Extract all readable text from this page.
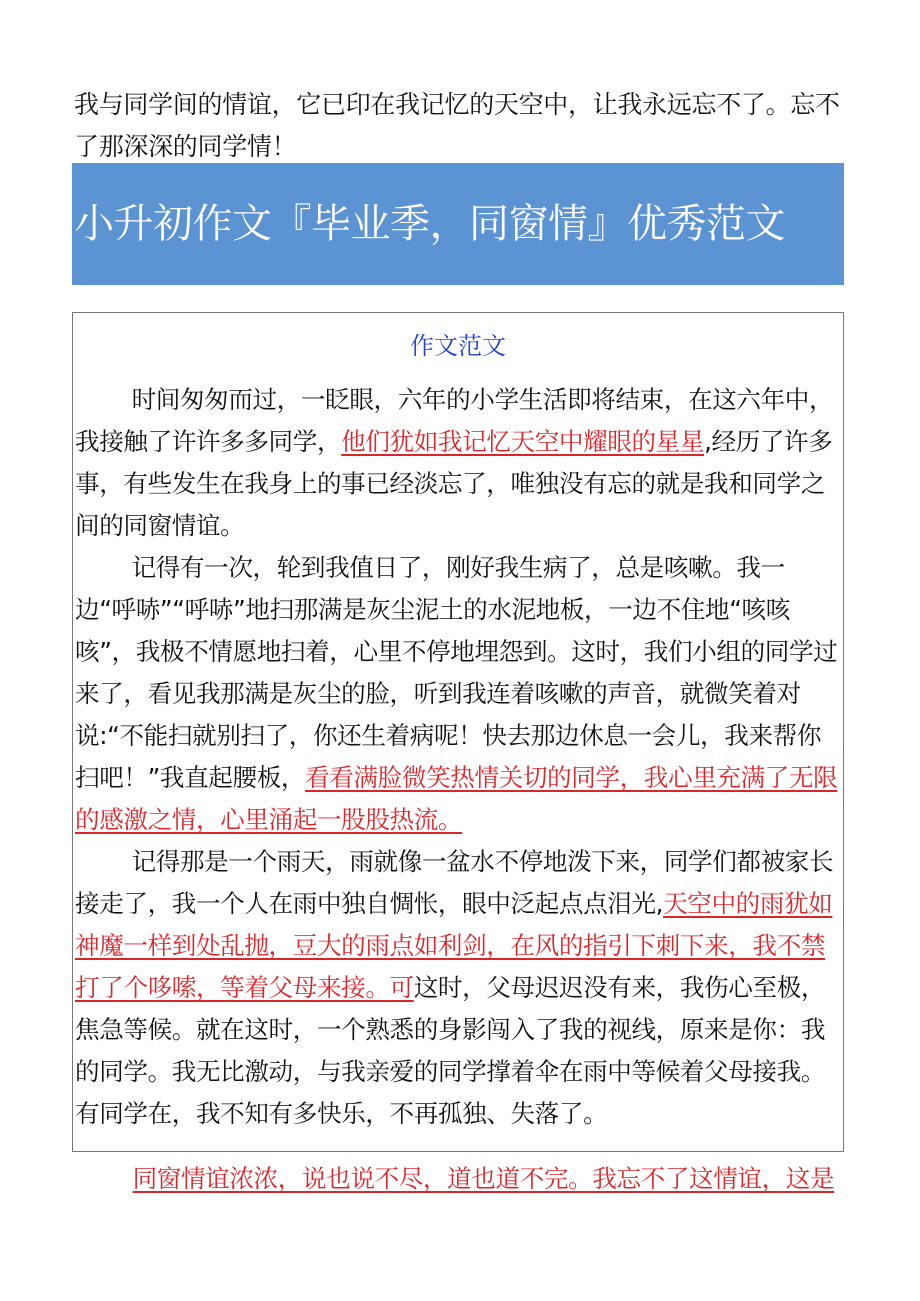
我与同学间的情谊，它已印在我记忆的天空中，让我永远忘不了。忘不了那深深的同学情！
小升初作文『毕业季，同窗情』优秀范文
作文范文

时间匆匆而过，一眨眼，六年的小学生活即将结束，在这六年中，我接触了许许多多同学，他们犹如我记忆天空中耀眼的星星,经历了许多事，有些发生在我身上的事已经淡忘了，唯独没有忘的就是我和同学之间的同窗情谊。

记得有一次，轮到我值日了，刚好我生病了，总是咳嗽。我一边“呼哧”“呼哧”地扫那满是灰尘泥土的水泥地板，一边不住地“咳咳咳”，我极不情愿地扫着，心里不停地埋怨到。这时，我们小组的同学过来了，看见我那满是灰尘的脸，听到我连着咳嗽的声音，就微笑着对说:“不能扫就别扫了，你还生着病呢！快去那边休息一会儿，我来帮你扫吧！”我直起腰板，看看满脸微笑热情关切的同学，我心里充满了无限的感激之情，心里涌起一股股热流。

记得那是一个雨天，雨就像一盆水不停地泼下来，同学们都被家长接走了，我一个人在雨中独自惆怅，眼中泛起点点泪光,天空中的雨犹如神魔一样到处乱抛，豆大的雨点如利剑，在风的指引下刺下来，我不禁打了个哆嗦，等着父母来接。可这时，父母迟迟没有来，我伤心至极，焦急等候。就在这时，一个熟悉的身影闯入了我的视线，原来是你：我的同学。我无比激动，与我亲爱的同学撑着伞在雨中等候着父母接我。有同学在，我不知有多快乐，不再孤独、失落了。

同窗情谊浓浓，说也说不尽，道也道不完。我忘不了这情谊，这是
